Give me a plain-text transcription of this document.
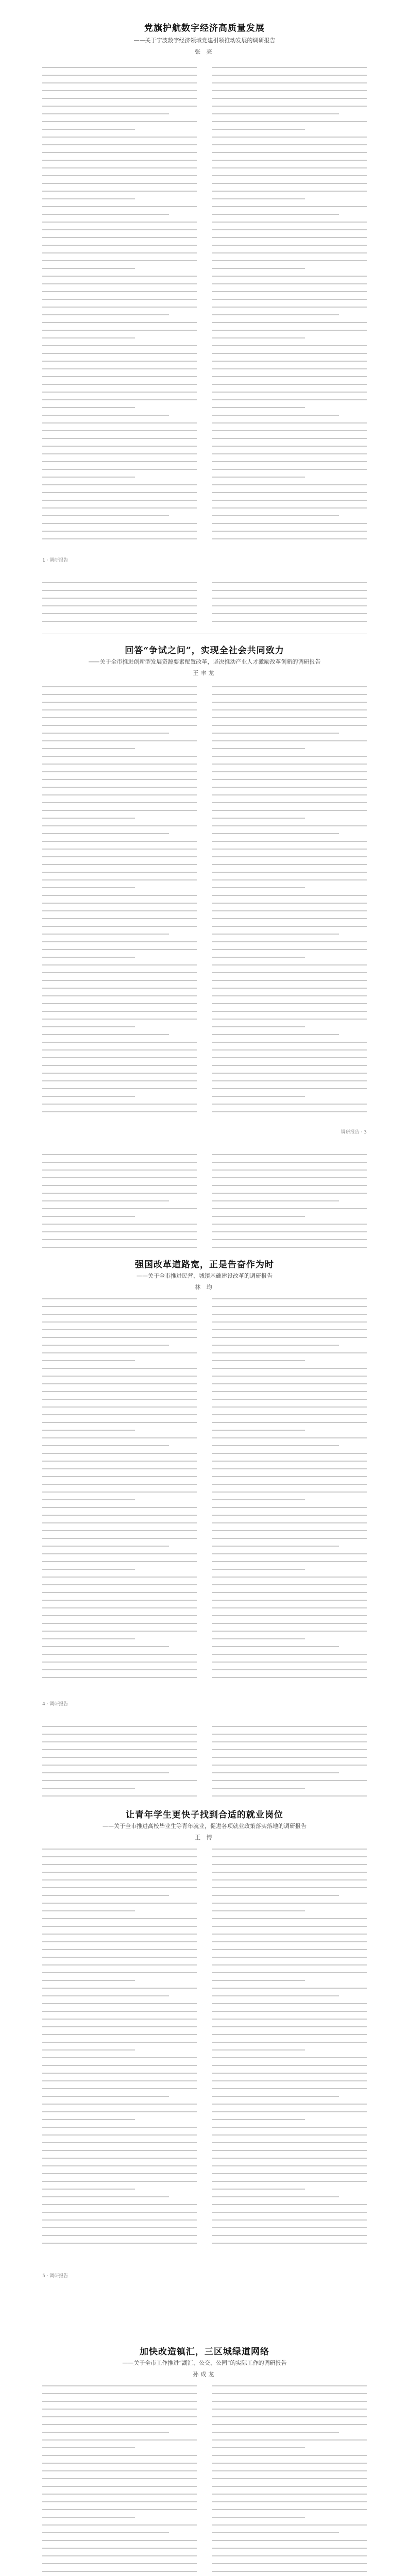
党旗护航数字经济高质量发展
——关于宁波数字经济领域党建引领推动发展的调研报告
张 亮
1 · 调研报告
回答“争试之问”，实现全社会共同致力
——关于全市推进创新型发展资源要素配置改革，坚决推动产业人才激励改革创新的调研报告
王聿龙
调研报告 · 3
强国改革道路宽，正是告奋作为时
——关于全市推进民营、城镇基础建设改革的调研报告
林 均
4 · 调研报告
让青年学生更快子找到合适的就业岗位
——关于全市推进高校毕业生等青年就业，促进各项就业政策落实落地的调研报告
王 博
5 · 调研报告
加快改造镇汇，三区城绿道网络
——关于全市工作推进“湖汇、公交、公园”的实际工作的调研报告
孙成龙
